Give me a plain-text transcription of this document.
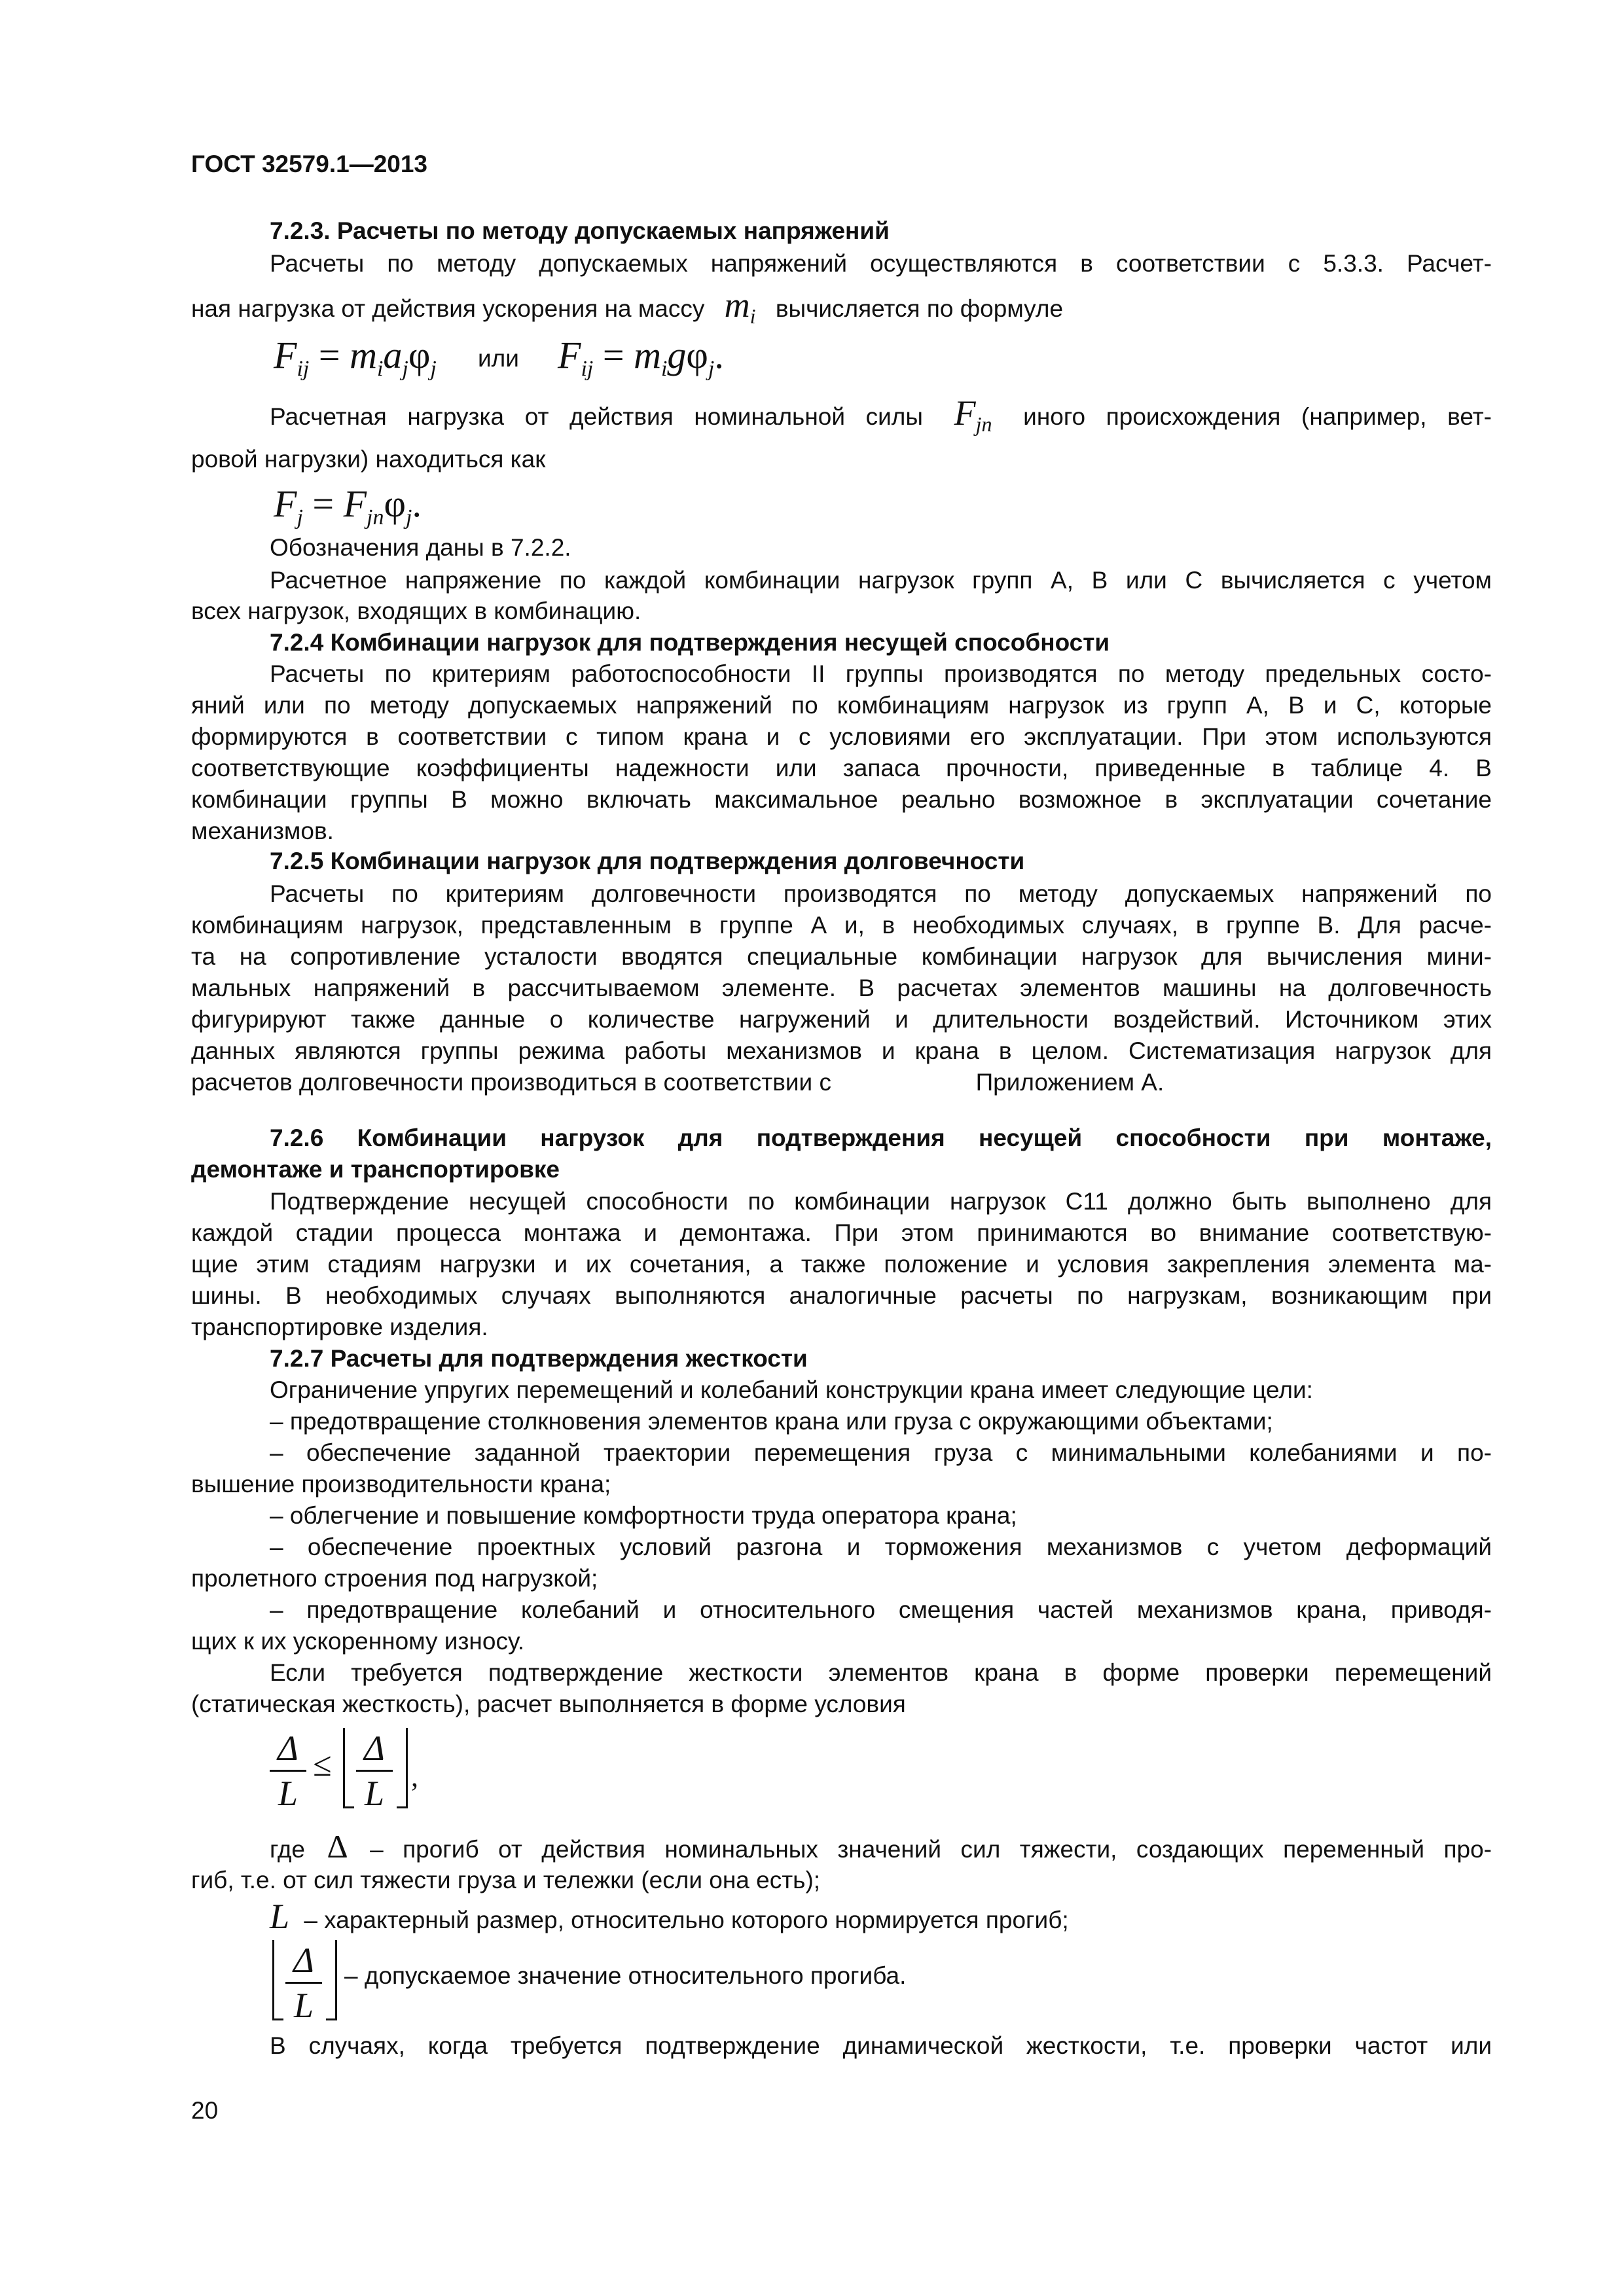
ГОСТ 32579.1—2013
7.2.3. Расчеты по методу допускаемых напряжений
Расчеты по методу допускаемых напряжений осуществляются в соответствии с 5.3.3. Расчет-
ная нагрузка от действия ускорения на массу $m_i$ вычисляется по формуле
$F_{ij} = m_ia_j\varphi_j$ или $F_{ij} = m_ig\varphi_j$.
Расчетная нагрузка от действия номинальной силы $F_{jn}$ иного происхождения (например, вет-
ровой нагрузки) находиться как
$F_j = F_{jn}\varphi_j$.
Обозначения даны в 7.2.2.
Расчетное напряжение по каждой комбинации нагрузок групп А, В или С вычисляется с учетом
всех нагрузок, входящих в комбинацию.
7.2.4 Комбинации нагрузок для подтверждения несущей способности
Расчеты по критериям работоспособности II группы производятся по методу предельных состо-
яний или по методу допускаемых напряжений по комбинациям нагрузок из групп А, В и С, которые
формируются в соответствии с типом крана и с условиями его эксплуатации. При этом используются
соответствующие коэффициенты надежности или запаса прочности, приведенные в таблице 4. В
комбинации группы В можно включать максимальное реально возможное в эксплуатации сочетание
механизмов.
7.2.5 Комбинации нагрузок для подтверждения долговечности
Расчеты по критериям долговечности производятся по методу допускаемых напряжений по
комбинациям нагрузок, представленным в группе А и, в необходимых случаях, в группе В. Для расче-
та на сопротивление усталости вводятся специальные комбинации нагрузок для вычисления мини-
мальных напряжений в рассчитываемом элементе. В расчетах элементов машины на долговечность
фигурируют также данные о количестве нагружений и длительности воздействий. Источником этих
данных являются группы режима работы механизмов и крана в целом. Систематизация нагрузок для
расчетов долговечности производиться в соответствии с	Приложением А.
7.2.6 Комбинации нагрузок для подтверждения несущей способности при монтаже,
демонтаже и транспортировке
Подтверждение несущей способности по комбинации нагрузок С11 должно быть выполнено для
каждой стадии процесса монтажа и демонтажа. При этом принимаются во внимание соответствую-
щие этим стадиям нагрузки и их сочетания, а также положение и условия закрепления элемента ма-
шины. В необходимых случаях выполняются аналогичные расчеты по нагрузкам, возникающим при
транспортировке изделия.
7.2.7 Расчеты для подтверждения жесткости
Ограничение упругих перемещений и колебаний конструкции крана имеет следующие цели:
– предотвращение столкновения элементов крана или груза с окружающими объектами;
– обеспечение заданной траектории перемещения груза с минимальными колебаниями и по-
вышение производительности крана;
– облегчение и повышение комфортности труда оператора крана;
– обеспечение проектных условий разгона и торможения механизмов с учетом деформаций
пролетного строения под нагрузкой;
– предотвращение колебаний и относительного смещения частей механизмов крана, приводя-
щих к их ускоренному износу.
Если требуется подтверждение жесткости элементов крана в форме проверки перемещений
(статическая жесткость), расчет выполняется в форме условия
Δ
L
≤ Δ
L ,
где Δ – прогиб от действия номинальных значений сил тяжести, создающих переменный про-
гиб, т.е. от сил тяжести груза и тележки (если она есть);
L – характерный размер, относительно которого нормируется прогиб;
Δ
L
– допускаемое значение относительного прогиба.
В случаях, когда требуется подтверждение динамической жесткости, т.е. проверки частот или
20
